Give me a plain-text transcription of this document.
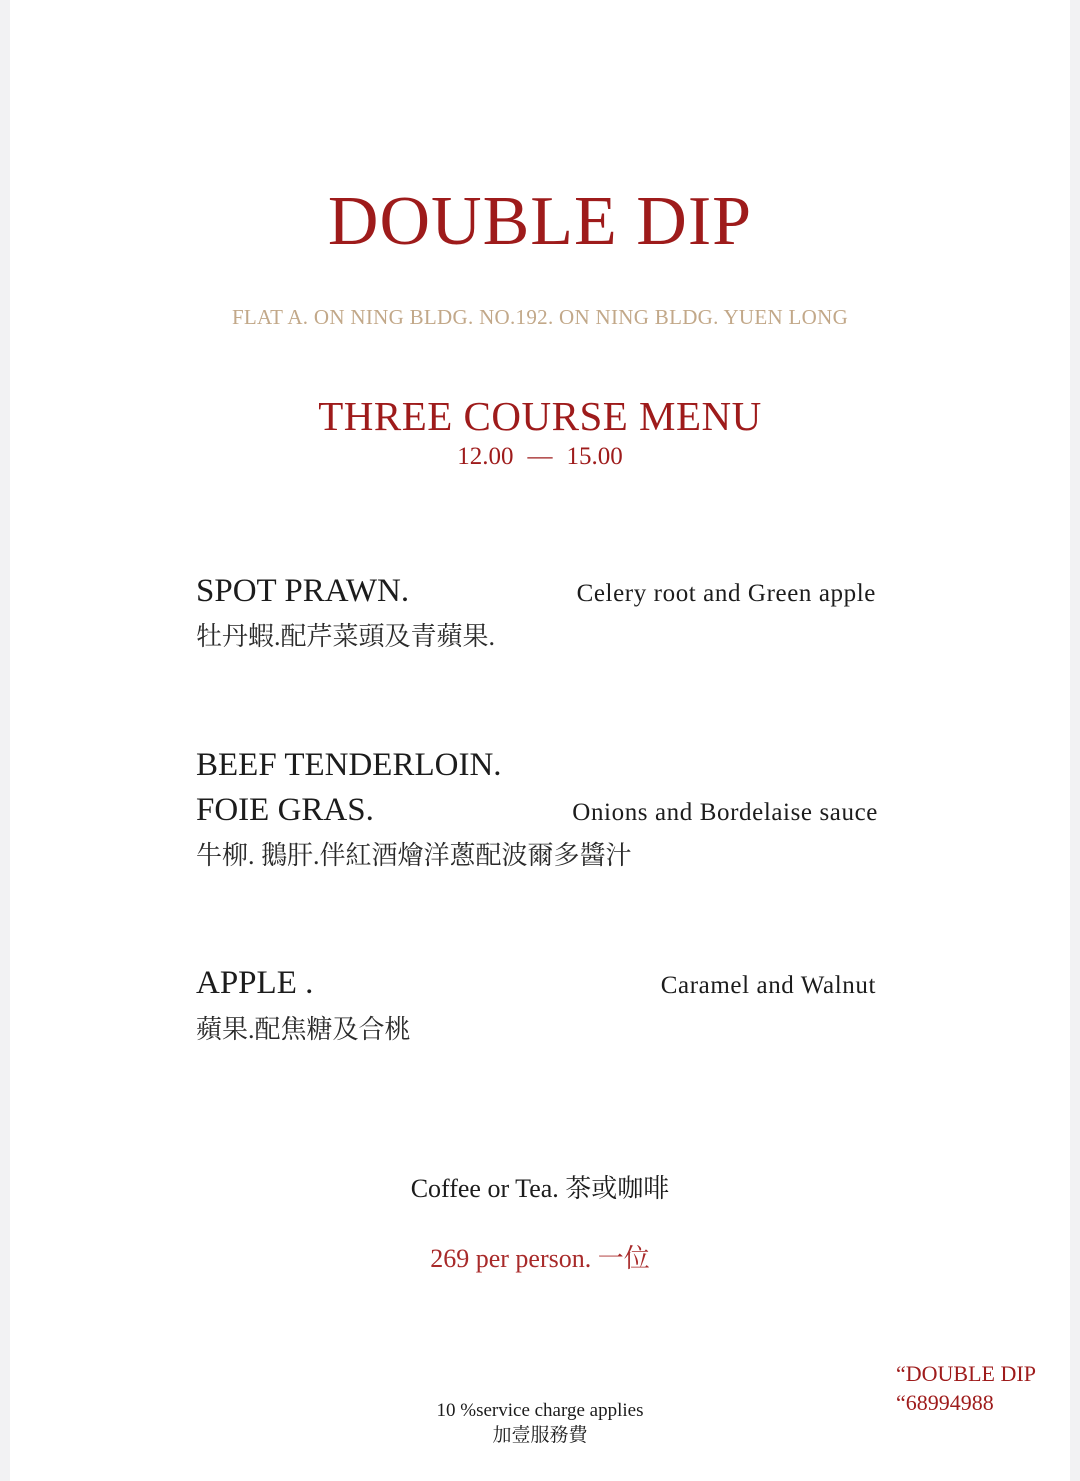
DOUBLE DIP
FLAT A. ON NING BLDG. NO.192. ON NING BLDG. YUEN LONG
THREE COURSE MENU
12.00 — 15.00
SPOT PRAWN.	Celery root and Green apple
牡丹蝦.配芹菜頭及青蘋果.
BEEF TENDERLOIN.
FOIE GRAS.	Onions and Bordelaise sauce
牛柳. 鵝肝.伴紅酒燴洋蔥配波爾多醬汁
APPLE .	Caramel and Walnut
蘋果.配焦糖及合桃
Coffee or Tea. 茶或咖啡
269 per person. 一位
10 %service charge applies
加壹服務費
“DOUBLE DIP
“68994988
